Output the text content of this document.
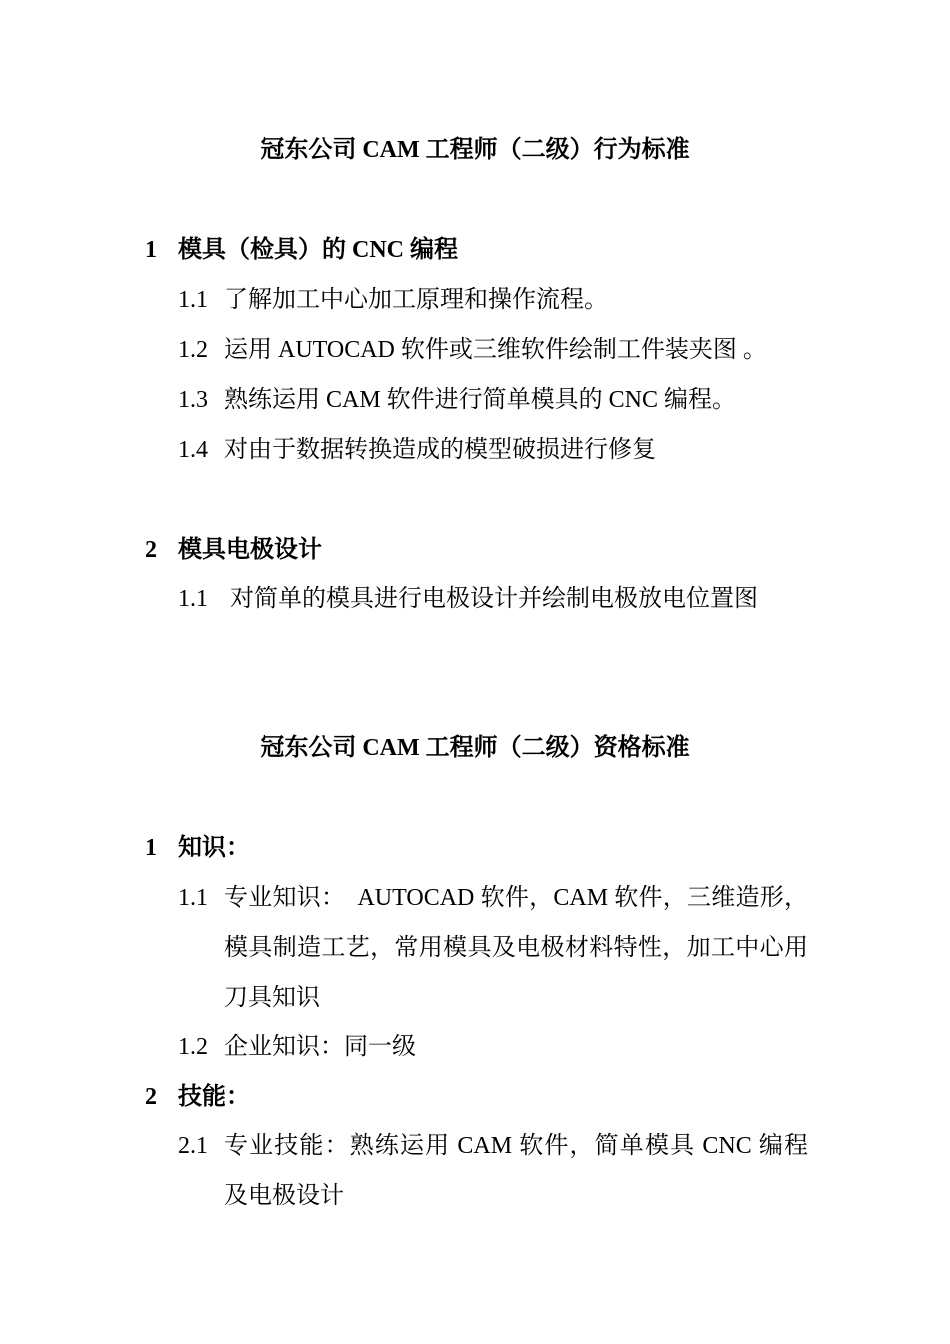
冠东公司 CAM 工程师（二级）行为标准
1 模具（检具）的 CNC 编程
1.1 了解加工中心加工原理和操作流程。
1.2 运用 AUTOCAD 软件或三维软件绘制工件装夹图 。
1.3 熟练运用 CAM 软件进行简单模具的 CNC 编程。
1.4 对由于数据转换造成的模型破损进行修复
2 模具电极设计
1.1 对简单的模具进行电极设计并绘制电极放电位置图
冠东公司 CAM 工程师（二级）资格标准
1 知识：
1.1 专业知识：　AUTOCAD 软件，CAM 软件，三维造形，模具制造工艺，常用模具及电极材料特性，加工中心用刀具知识
1.2 企业知识：同一级
2 技能：
2.1 专业技能：熟练运用 CAM 软件，简单模具 CNC 编程及电极设计
